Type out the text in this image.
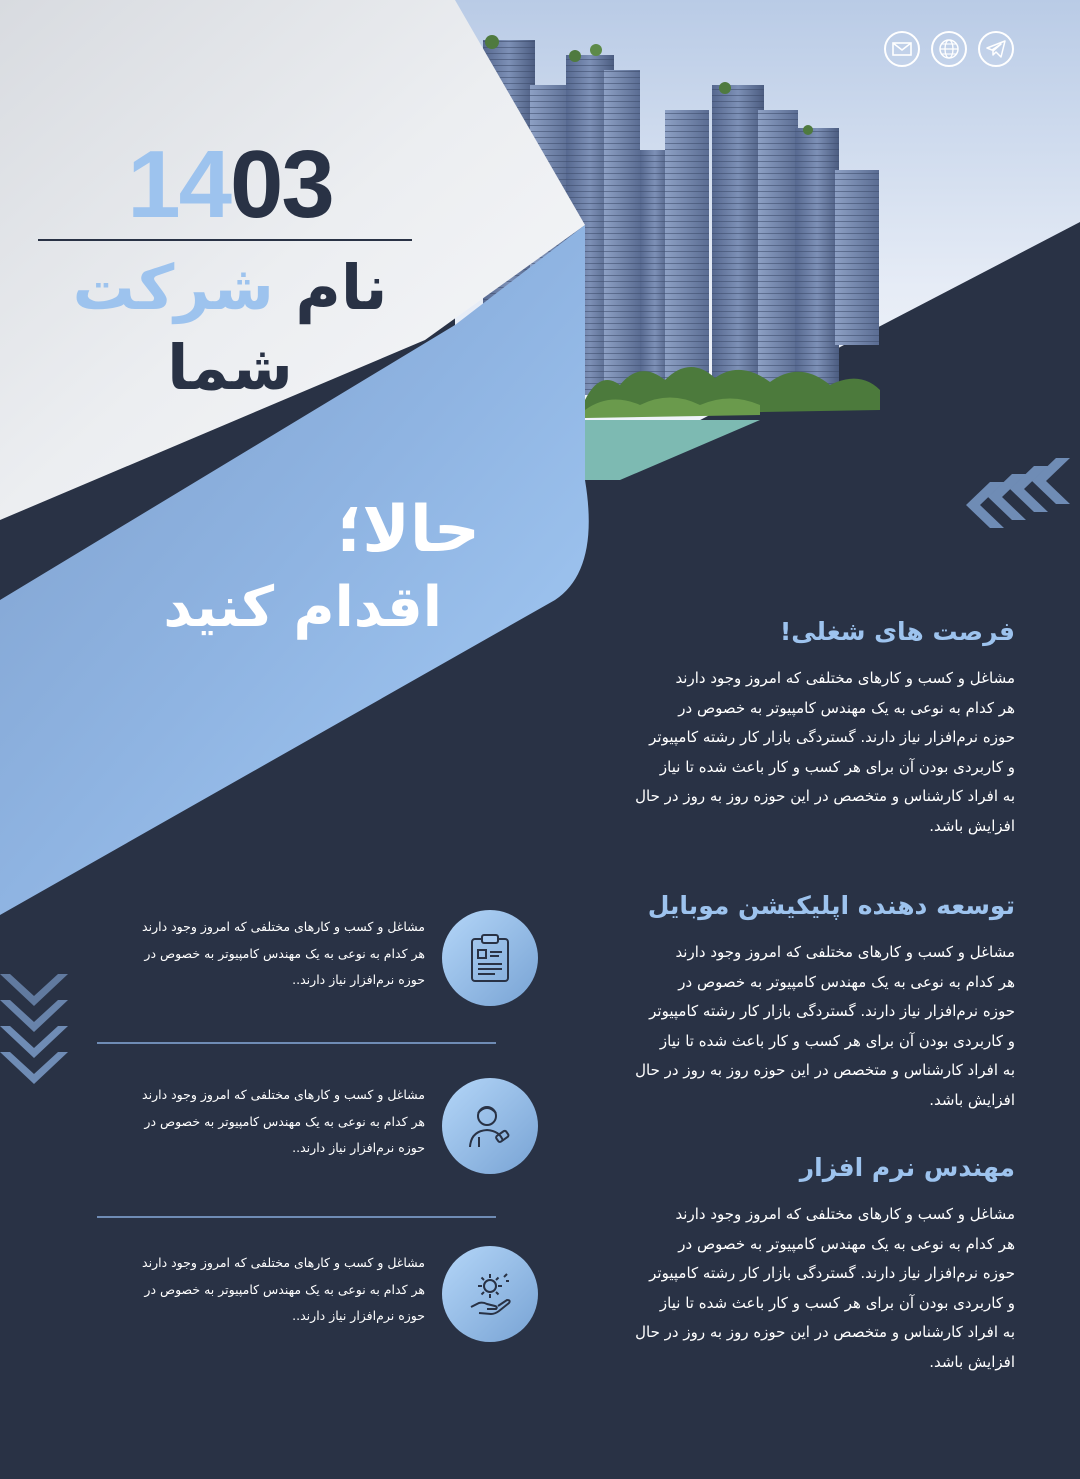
1403
نام شرکت شما
حالا؛
اقدام کنید	فرصت های شغلی!
مشاغل و کسب و کارهای مختلفی که امروز وجود دارند
هر کدام به نوعی به یک مهندس کامپیوتر به خصوص در
حوزه نرم‌افزار نیاز دارند. گستردگی بازار کار رشته کامپیوتر
و کاربردی بودن آن برای هر کسب و کار باعث شده تا نیاز
به افراد کارشناس و متخصص در این حوزه روز به روز در حال
افزایش باشد.
توسعه دهنده اپلیکیشن موبایل
مشاغل و کسب و کارهای مختلفی که امروز وجود دارند
هر کدام به نوعی به یک مهندس کامپیوتر به خصوص در
حوزه نرم‌افزار نیاز دارند. گستردگی بازار کار رشته کامپیوتر
و کاربردی بودن آن برای هر کسب و کار باعث شده تا نیاز
به افراد کارشناس و متخصص در این حوزه روز به روز در حال
افزایش باشد.
مهندس نرم افزار
مشاغل و کسب و کارهای مختلفی که امروز وجود دارند
هر کدام به نوعی به یک مهندس کامپیوتر به خصوص در
حوزه نرم‌افزار نیاز دارند. گستردگی بازار کار رشته کامپیوتر
و کاربردی بودن آن برای هر کسب و کار باعث شده تا نیاز
به افراد کارشناس و متخصص در این حوزه روز به روز در حال
افزایش باشد.
مشاغل و کسب و کارهای مختلفی که امروز وجود دارند
هر کدام به نوعی به یک مهندس کامپیوتر به خصوص در
حوزه نرم‌افزار نیاز دارند..
مشاغل و کسب و کارهای مختلفی که امروز وجود دارند
هر کدام به نوعی به یک مهندس کامپیوتر به خصوص در
حوزه نرم‌افزار نیاز دارند..
مشاغل و کسب و کارهای مختلفی که امروز وجود دارند
هر کدام به نوعی به یک مهندس کامپیوتر به خصوص در
حوزه نرم‌افزار نیاز دارند..
